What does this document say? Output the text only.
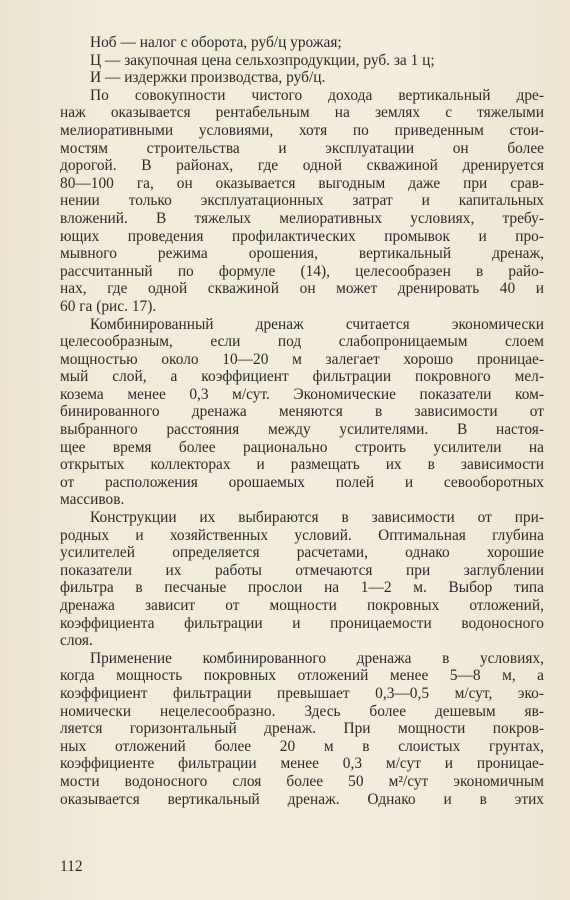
Hоб — налог с оборота, руб/ц урожая;
Ц — закупочная цена сельхозпродукции, руб. за 1 ц;
И — издержки производства, руб/ц.
По совокупности чистого дохода вертикальный дре-
наж оказывается рентабельным на землях с тяжелыми
мелиоративными условиями, хотя по приведенным стои-
мостям строительства и эксплуатации он более
дорогой. В районах, где одной скважиной дренируется
80—100 га, он оказывается выгодным даже при срав-
нении только эксплуатационных затрат и капитальных
вложений. В тяжелых мелиоративных условиях, требу-
ющих проведения профилактических промывок и про-
мывного режима орошения, вертикальный дренаж,
рассчитанный по формуле (14), целесообразен в райо-
нах, где одной скважиной он может дренировать 40 и
60 га (рис. 17).
Комбинированный дренаж считается экономически
целесообразным, если под слабопроницаемым слоем
мощностью около 10—20 м залегает хорошо проницае-
мый слой, а коэффициент фильтрации покровного мел-
козема менее 0,3 м/сут. Экономические показатели ком-
бинированного дренажа меняются в зависимости от
выбранного расстояния между усилителями. В настоя-
щее время более рационально строить усилители на
открытых коллекторах и размещать их в зависимости
от расположения орошаемых полей и севооборотных
массивов.
Конструкции их выбираются в зависимости от при-
родных и хозяйственных условий. Оптимальная глубина
усилителей определяется расчетами, однако хорошие
показатели их работы отмечаются при заглублении
фильтра в песчаные прослои на 1—2 м. Выбор типа
дренажа зависит от мощности покровных отложений,
коэффициента фильтрации и проницаемости водоносного
слоя.
Применение комбинированного дренажа в условиях,
когда мощность покровных отложений менее 5—8 м, а
коэффициент фильтрации превышает 0,3—0,5 м/сут, эко-
номически нецелесообразно. Здесь более дешевым яв-
ляется горизонтальный дренаж. При мощности покров-
ных отложений более 20 м в слоистых грунтах,
коэффициенте фильтрации менее 0,3 м/сут и проницае-
мости водоносного слоя более 50 м²/сут экономичным
оказывается вертикальный дренаж. Однако и в этих
112
